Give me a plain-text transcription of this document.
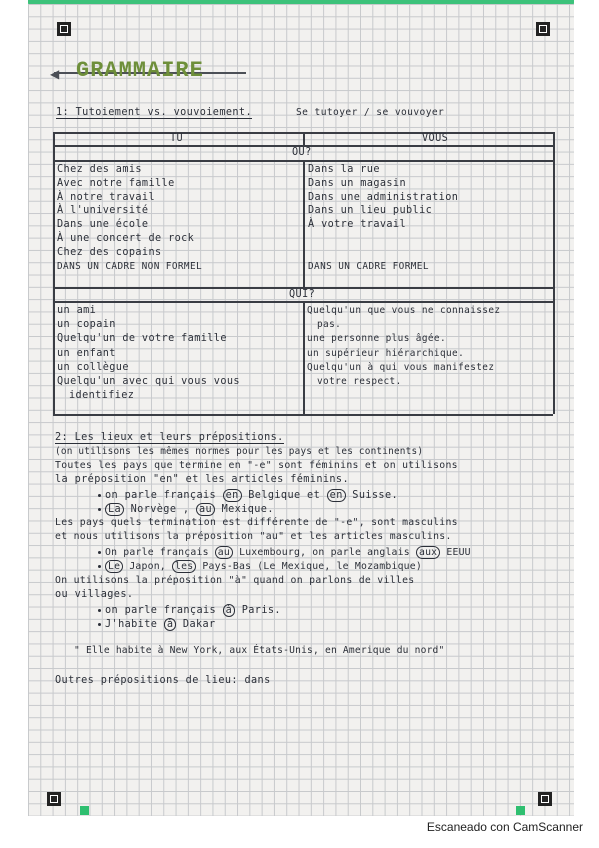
◀ GRAMMAIRE
1: Tutoiement vs. vouvoiement.	Se tutoyer / se vouvoyer
TU	VOUS
OÙ?
Chez des amis
Avec notre famille
À notre travail
À l'université
Dans une école
À une concert de rock
Chez des copains
DANS UN CADRE NON FORMEL
Dans la rue
Dans un magasin
Dans une administration
Dans un lieu public
À votre travail
DANS UN CADRE FORMEL
QUI?
un ami
un copain
Quelqu'un de votre famille
un enfant
un collègue
Quelqu'un avec qui vous vous
identifiez
Quelqu'un que vous ne connaissez
pas.
une personne plus âgée.
un supérieur hiérarchique.
Quelqu'un à qui vous manifestez
votre respect.
2: Les lieux et leurs prépositions.
(on utilisons les mêmes normes pour les pays et les continents)
Toutes les pays que termine en "-e" sont féminins et on utilisons
la préposition "en" et les articles féminins.
on parle français en Belgique et en Suisse.
La Norvège , au Mexique.
Les pays quels termination est différente de "-e", sont masculins
et nous utilisons la préposition "au" et les articles masculins.
On parle français au Luxembourg, on parle anglais aux EEUU
Le Japon, les Pays-Bas (Le Mexique, le Mozambique)
On utilisons la préposition "à" quand on parlons de villes
ou villages.
on parle français à Paris.
J'habite à Dakar
" Elle habite à New York, aux États-Unis, en Amerique du nord"
Outres prépositions de lieu: dans
Escaneado con CamScanner
